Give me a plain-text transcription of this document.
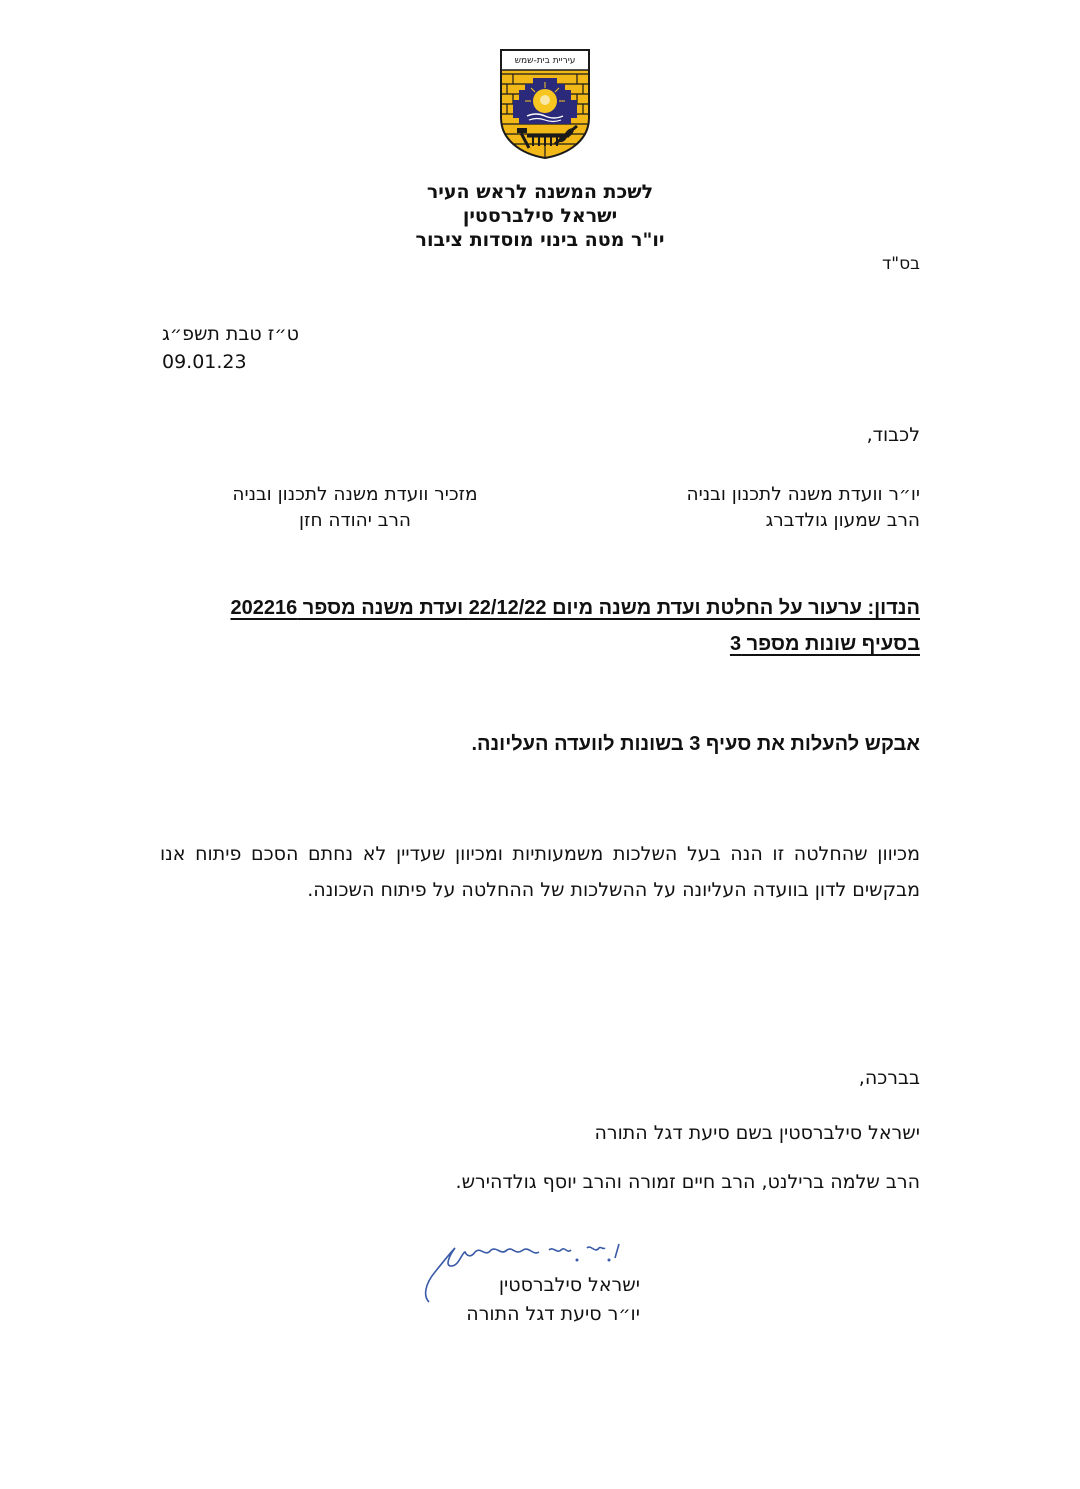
עיריית בית-שמש
לשכת המשנה לראש העיר
ישראל סילברסטין
יו"ר מטה בינוי מוסדות ציבור
בס"ד
ט״ז טבת תשפ״ג
09.01.23
לכבוד,
יו״ר וועדת משנה לתכנון ובניה
הרב שמעון גולדברג
מזכיר וועדת משנה לתכנון ובניה
הרב יהודה חזן
הנדון: ערעור על החלטת ועדת משנה מיום 22/12/22 ועדת משנה מספר 202216
בסעיף שונות מספר 3
אבקש להעלות את סעיף 3 בשונות לוועדה העליונה.
מכיוון שהחלטה זו הנה בעל השלכות משמעותיות ומכיוון שעדיין לא נחתם הסכם פיתוח אנו מבקשים לדון בוועדה העליונה על ההשלכות של ההחלטה על פיתוח השכונה.
בברכה,
ישראל סילברסטין בשם סיעת דגל התורה
הרב שלמה ברילנט, הרב חיים זמורה והרב יוסף גולדהירש.
ישראל סילברסטין
יו״ר סיעת דגל התורה
